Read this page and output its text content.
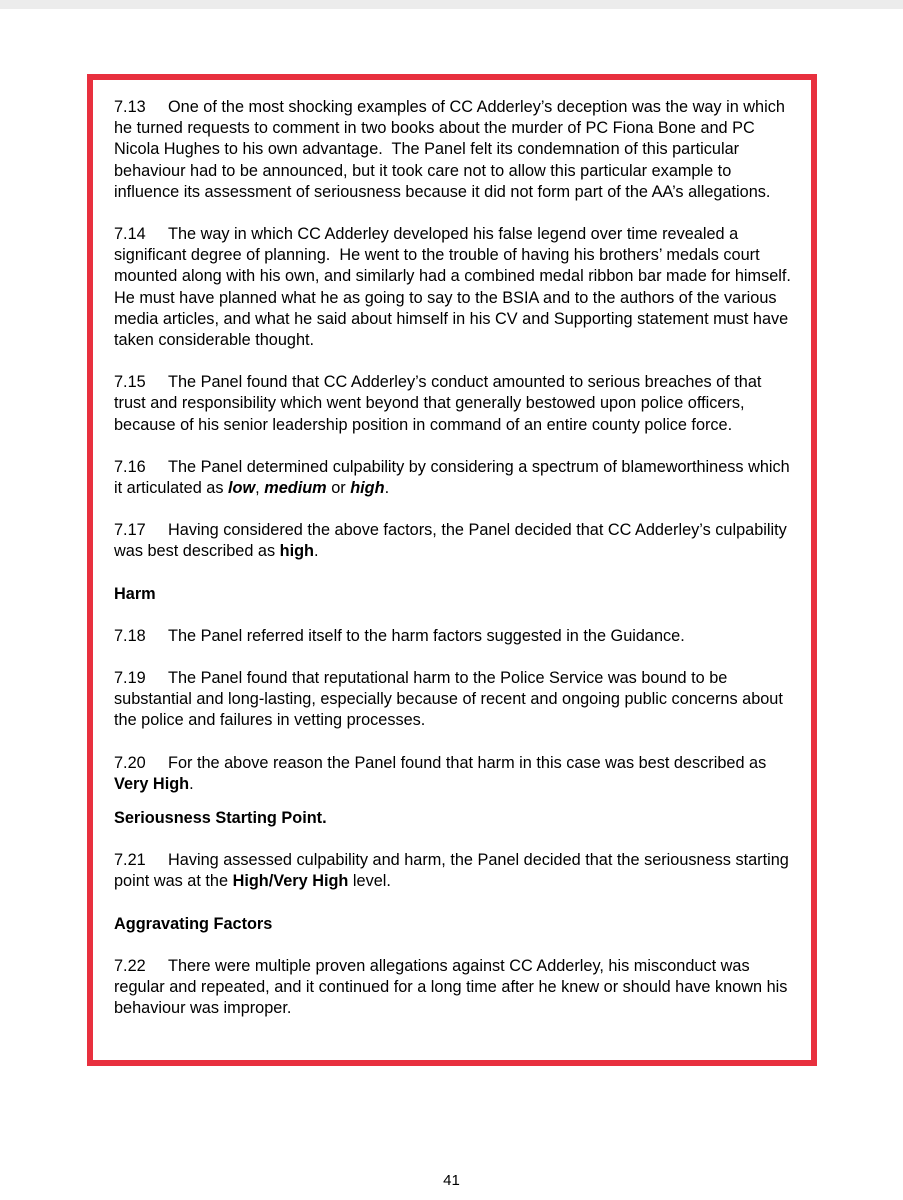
7.13 One of the most shocking examples of CC Adderley’s deception was the way in which he turned requests to comment in two books about the murder of PC Fiona Bone and PC Nicola Hughes to his own advantage.  The Panel felt its condemnation of this particular behaviour had to be announced, but it took care not to allow this particular example to influence its assessment of seriousness because it did not form part of the AA’s allegations.

7.14 The way in which CC Adderley developed his false legend over time revealed a significant degree of planning.  He went to the trouble of having his brothers’ medals court mounted along with his own, and similarly had a combined medal ribbon bar made for himself.  He must have planned what he as going to say to the BSIA and to the authors of the various media articles, and what he said about himself in his CV and Supporting statement must have taken considerable thought.

7.15 The Panel found that CC Adderley’s conduct amounted to serious breaches of that trust and responsibility which went beyond that generally bestowed upon police officers, because of his senior leadership position in command of an entire county police force.

7.16 The Panel determined culpability by considering a spectrum of blameworthiness which it articulated as low, medium or high.

7.17 Having considered the above factors, the Panel decided that CC Adderley’s culpability was best described as high.

Harm

7.18 The Panel referred itself to the harm factors suggested in the Guidance.

7.19 The Panel found that reputational harm to the Police Service was bound to be substantial and long-lasting, especially because of recent and ongoing public concerns about the police and failures in vetting processes.

7.20 For the above reason the Panel found that harm in this case was best described as Very High.

Seriousness Starting Point.

7.21 Having assessed culpability and harm, the Panel decided that the seriousness starting point was at the High/Very High level.

Aggravating Factors

7.22 There were multiple proven allegations against CC Adderley, his misconduct was regular and repeated, and it continued for a long time after he knew or should have known his behaviour was improper.

41
